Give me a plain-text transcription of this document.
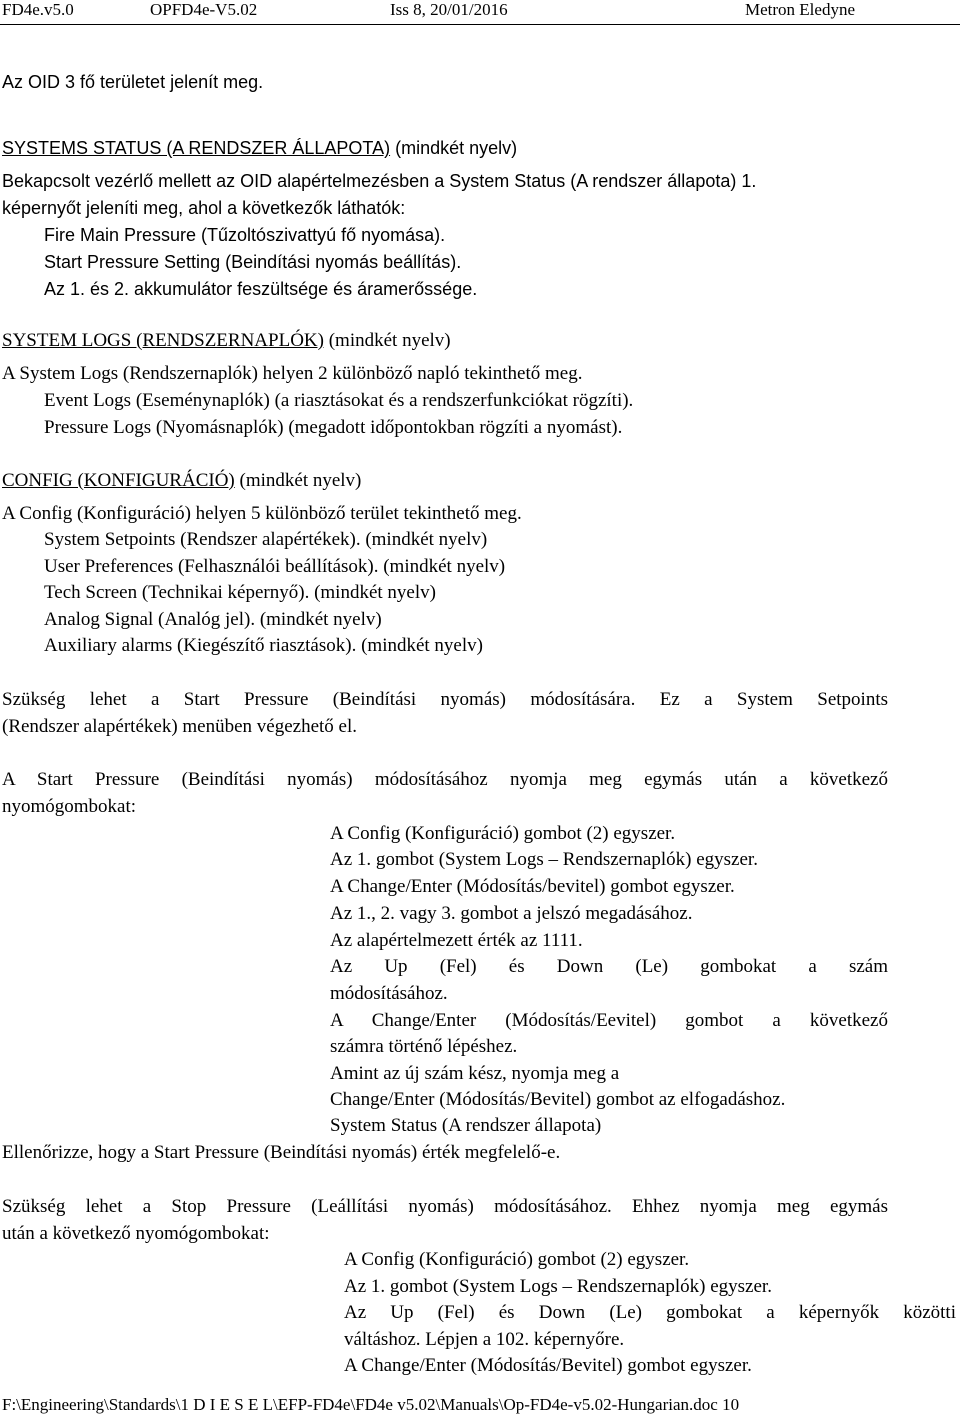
FD4e.v5.0	OPFD4e-V5.02	Iss 8, 20/01/2016	Metron Eledyne
Az OID 3 fő területet jelenít meg.
SYSTEMS STATUS (A RENDSZER ÁLLAPOTA) (mindkét nyelv)
Bekapcsolt vezérlő mellett az OID alapértelmezésben a System Status (A rendszer állapota) 1.
képernyőt jeleníti meg, ahol a következők láthatók:
Fire Main Pressure (Tűzoltószivattyú fő nyomása).
Start Pressure Setting (Beindítási nyomás beállítás).
Az 1. és 2. akkumulátor feszültsége és áramerőssége.
SYSTEM LOGS (RENDSZERNAPLÓK) (mindkét nyelv)
A System Logs (Rendszernaplók) helyen 2 különböző napló tekinthető meg.
Event Logs (Eseménynaplók) (a riasztásokat és a rendszerfunkciókat rögzíti).
Pressure Logs (Nyomásnaplók) (megadott időpontokban rögzíti a nyomást).
CONFIG (KONFIGURÁCIÓ) (mindkét nyelv)
A Config (Konfiguráció) helyen 5 különböző terület tekinthető meg.
System Setpoints (Rendszer alapértékek). (mindkét nyelv)
User Preferences (Felhasználói beállítások). (mindkét nyelv)
Tech Screen (Technikai képernyő). (mindkét nyelv)
Analog Signal (Analóg jel). (mindkét nyelv)
Auxiliary alarms (Kiegészítő riasztások). (mindkét nyelv)
Szükség lehet a Start Pressure (Beindítási nyomás) módosítására. Ez a System Setpoints
(Rendszer alapértékek) menüben végezhető el.
A Start Pressure (Beindítási nyomás) módosításához nyomja meg egymás után a következő
nyomógombokat:
A Config (Konfiguráció) gombot (2) egyszer.
Az 1. gombot (System Logs – Rendszernaplók) egyszer.
A Change/Enter (Módosítás/bevitel) gombot egyszer.
Az 1., 2. vagy 3. gombot a jelszó megadásához.
Az alapértelmezett érték az 1111.
Az Up (Fel) és Down (Le) gombokat a szám
módosításához.
A Change/Enter (Módosítás/Eevitel) gombot a következő
számra történő lépéshez.
Amint az új szám kész, nyomja meg a
Change/Enter (Módosítás/Bevitel) gombot az elfogadáshoz.
System Status (A rendszer állapota)
Ellenőrizze, hogy a Start Pressure (Beindítási nyomás) érték megfelelő-e.
Szükség lehet a Stop Pressure (Leállítási nyomás) módosításához. Ehhez nyomja meg egymás
után a következő nyomógombokat:
A Config (Konfiguráció) gombot (2) egyszer.
Az 1. gombot (System Logs – Rendszernaplók) egyszer.
Az Up (Fel) és Down (Le) gombokat a képernyők közötti
váltáshoz. Lépjen a 102. képernyőre.
A Change/Enter (Módosítás/Bevitel) gombot egyszer.
F:\Engineering\Standards\1 D I E S E L\EFP-FD4e\FD4e v5.02\Manuals\Op-FD4e-v5.02-Hungarian.doc 10
